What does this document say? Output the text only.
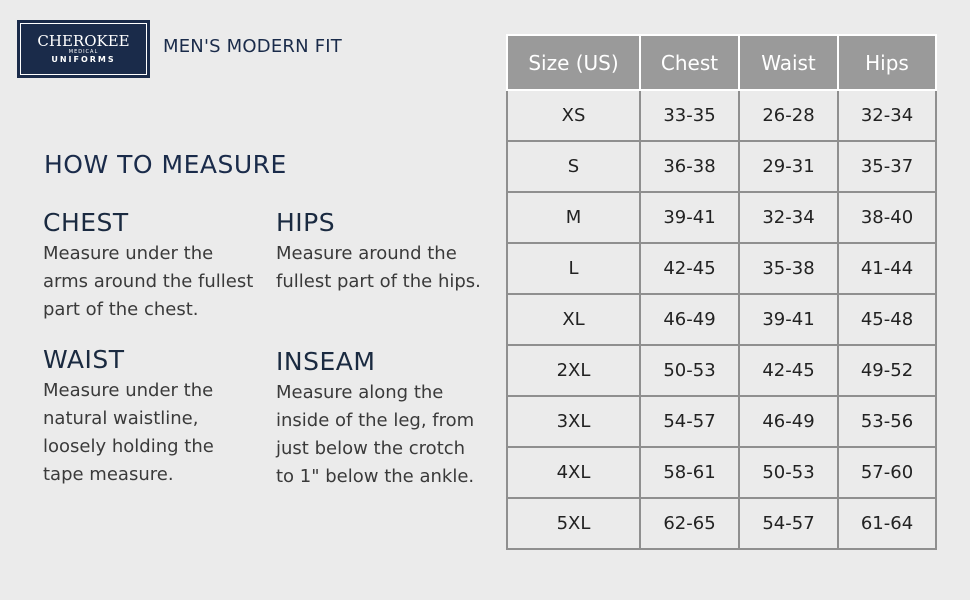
CHEROKEE
MEDICAL
UNIFORMS
MEN'S MODERN FIT
HOW TO MEASURE
CHEST
Measure under the arms around the fullest part of the chest.
HIPS
Measure around the fullest part of the hips.
WAIST
Measure under the natural waistline, loosely holding the tape measure.
INSEAM
Measure along the inside of the leg, from just below the crotch to 1" below the ankle.
Size (US)	Chest	Waist	Hips
XS	33-35	26-28	32-34
S	36-38	29-31	35-37
M	39-41	32-34	38-40
L	42-45	35-38	41-44
XL	46-49	39-41	45-48
2XL	50-53	42-45	49-52
3XL	54-57	46-49	53-56
4XL	58-61	50-53	57-60
5XL	62-65	54-57	61-64
